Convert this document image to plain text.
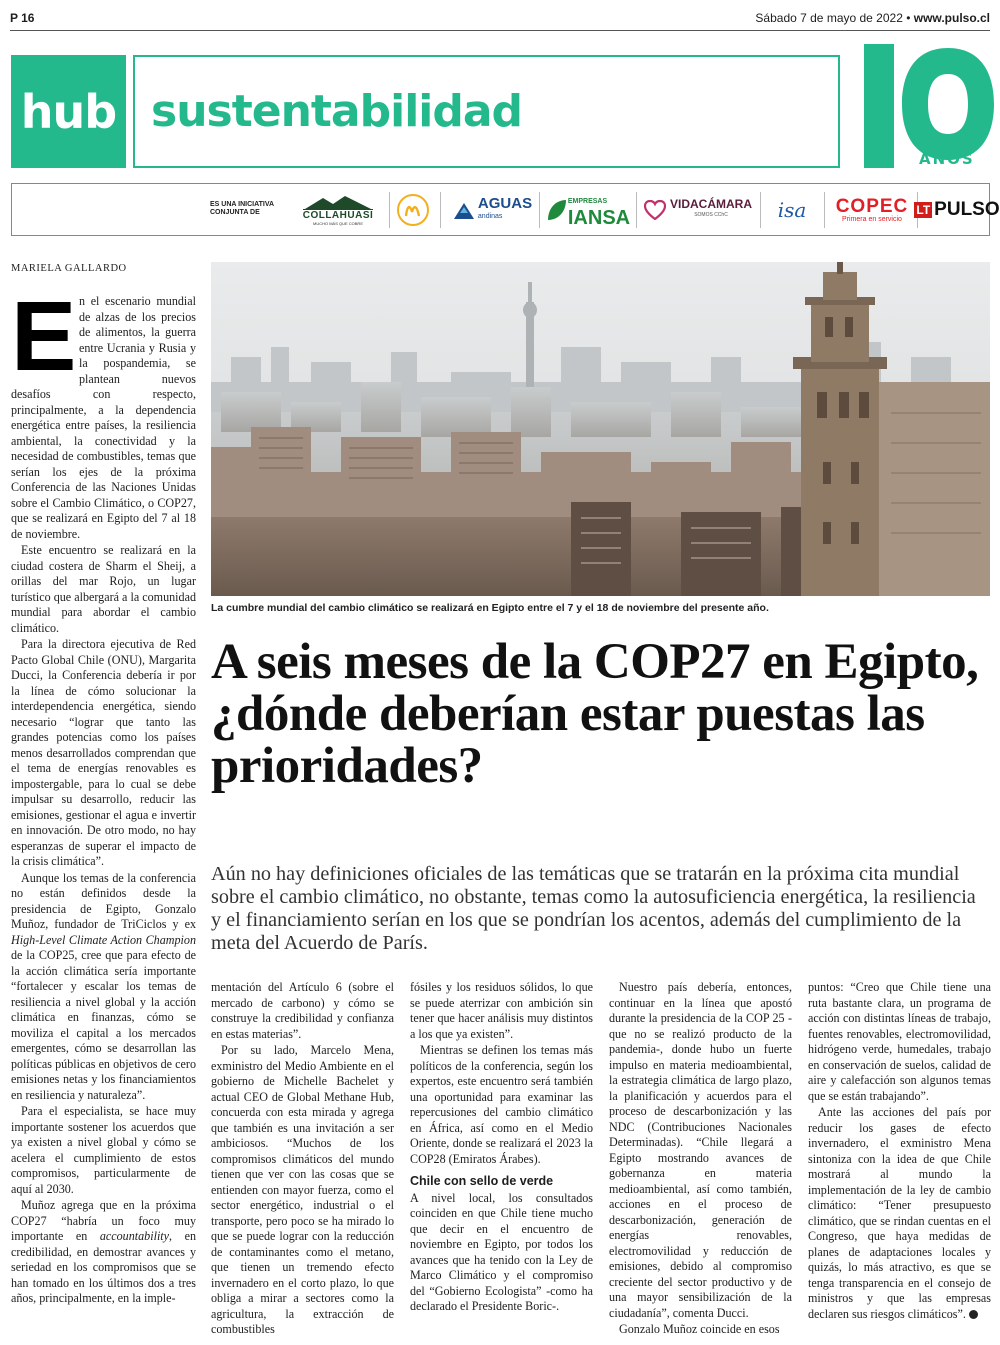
P 16	Sábado 7 de mayo de 2022 • www.pulso.cl
hub sustentabilidad
AÑOS
ES UNA INICIATIVA
CONJUNTA DE	COLLAHUASI
MUCHO MÁS QUE COBRE
AGUAS
andinas
EMPRESAS
IANSA
VIDACÁMARA
SOMOS CChC	isa COPEC
Primera en servicio
LT PULSO
MARIELA GALLARDO
La cumbre mundial del cambio climático se realizará en Egipto entre el 7 y el 18 de noviembre del presente año.
A seis meses de la COP27 en Egipto, ¿dónde deberían estar puestas las prioridades?

Aún no hay definiciones oficiales de las temáticas que se tratarán en la próxima cita mundial sobre el cambio climático, no obstante, temas como la autosuficiencia energética, la resiliencia y el financiamiento serían en los que se pondrían los acentos, además del cumplimiento de la meta del Acuerdo de París.

E n el escenario mundial de alzas de los precios de alimentos, la guerra entre Ucrania y Rusia y la pospandemia, se plantean nuevos desafíos con respecto, principalmente, a la dependencia energética entre países, la resiliencia ambiental, la conectividad y la necesidad de combustibles, temas que serían los ejes de la próxima Conferencia de las Naciones Unidas sobre el Cambio Climático, o COP27, que se realizará en Egipto del 7 al 18 de noviembre.

Este encuentro se realizará en la ciudad costera de Sharm el Sheij, a orillas del mar Rojo, un lugar turístico que albergará a la comunidad mundial para abordar el cambio climático.

Para la directora ejecutiva de Red Pacto Global Chile (ONU), Margarita Ducci, la Conferencia debería ir por la línea de cómo solucionar la interdependencia energética, siendo necesario “lograr que tanto las grandes potencias como los países menos desarrollados comprendan que el tema de energías renovables es impostergable, para lo cual se debe impulsar su desarrollo, reducir las emisiones, gestionar el agua e invertir en innovación. De otro modo, no hay esperanzas de superar el impacto de la crisis climática”.

Aunque los temas de la conferencia no están definidos desde la presidencia de Egipto, Gonzalo Muñoz, fundador de TriCiclos y ex High-Level Climate Action Champion de la COP25, cree que para efecto de la acción climática sería importante “fortalecer y escalar los temas de resiliencia a nivel global y la acción climática en finanzas, cómo se moviliza el capital a los mercados emergentes, cómo se desarrollan las políticas públicas en objetivos de cero emisiones netas y los financiamientos en resiliencia y naturaleza”.

Para el especialista, se hace muy importante sostener los acuerdos que ya existen a nivel global y cómo se acelera el cumplimiento de estos compromisos, particularmente de aquí al 2030.

Muñoz agrega que en la próxima COP27 “habría un foco muy importante en accountability, en credibilidad, en demostrar avances y seriedad en los compromisos que se han tomado en los últimos dos a tres años, principalmente, en la imple-

mentación del Artículo 6 (sobre el mercado de carbono) y cómo se construye la credibilidad y confianza en estas materias”.

Por su lado, Marcelo Mena, exministro del Medio Ambiente en el gobierno de Michelle Bachelet y actual CEO de Global Methane Hub, concuerda con esta mirada y agrega que también es una invitación a ser ambiciosos. “Muchos de los compromisos climáticos del mundo tienen que ver con las cosas que se entienden con mayor fuerza, como el sector energético, industrial o el transporte, pero poco se ha mirado lo que se puede lograr con la reducción de contaminantes como el metano, que tienen un tremendo efecto invernadero en el corto plazo, lo que obliga a mirar a sectores como la agricultura, la extracción de combustibles

fósiles y los residuos sólidos, lo que se puede aterrizar con ambición sin tener que hacer análisis muy distintos a los que ya existen”.

Mientras se definen los temas más políticos de la conferencia, según los expertos, este encuentro será también una oportunidad para examinar las repercusiones del cambio climático en África, así como en el Medio Oriente, donde se realizará el 2023 la COP28 (Emiratos Árabes).

Chile con sello de verde

A nivel local, los consultados coinciden en que Chile tiene mucho que decir en el encuentro de noviembre en Egipto, por todos los avances que ha tenido con la Ley de Marco Climático y el compromiso del “Gobierno Ecologista” -como ha declarado el Presidente Boric-.

Nuestro país debería, entonces, continuar en la línea que apostó durante la presidencia de la COP 25 -que no se realizó producto de la pandemia-, donde hubo un fuerte impulso en materia medioambiental, la estrategia climática de largo plazo, la planificación y acuerdos para el proceso de descarbonización y las NDC (Contribuciones Nacionales Determinadas). “Chile llegará a Egipto mostrando avances de gobernanza en materia medioambiental, así como también, acciones en el proceso de descarbonización, generación de energías renovables, electromovilidad y reducción de emisiones, debido al compromiso creciente del sector productivo y de una mayor sensibilización de la ciudadanía”, comenta Ducci.

Gonzalo Muñoz coincide en esos

puntos: “Creo que Chile tiene una ruta bastante clara, un programa de acción con distintas líneas de trabajo, fuentes renovables, electromovilidad, hidrógeno verde, humedales, trabajo en conservación de suelos, calidad de aire y calefacción son algunos temas que se están trabajando”.

Ante las acciones del país por reducir los gases de efecto invernadero, el exministro Mena sintoniza con la idea de que Chile mostrará al mundo la implementación de la ley de cambio climático: “Tener presupuesto climático, que se rindan cuentas en el Congreso, que haya medidas de planes de adaptaciones locales y quizás, lo más atractivo, es que se tenga transparencia en el consejo de ministros y que las empresas declaren sus riesgos climáticos”.
